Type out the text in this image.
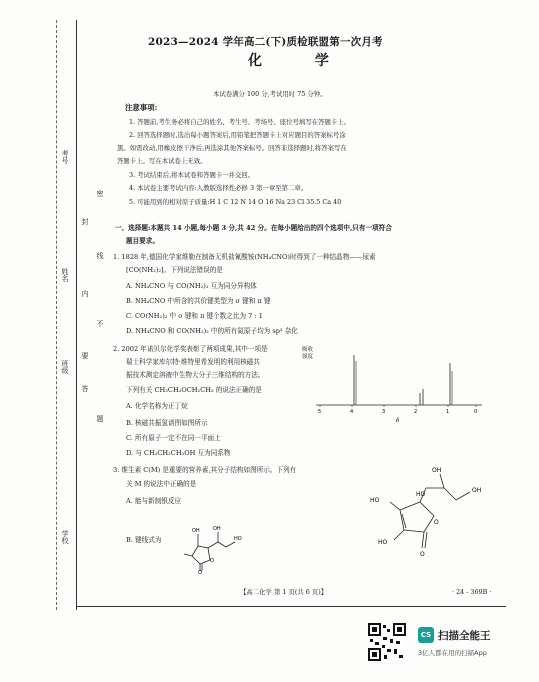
考号
姓名
班级
学校
密
封
线
内
不
要
答
题
2023—2024 学年高二(下)质检联盟第一次月考
化 学
本试卷满分 100 分,考试用时 75 分钟。
注意事项:
1. 答题前,考生务必将自己的姓名、考生号、考场号、座位号填写在答题卡上。
2. 回答选择题时,选出每小题答案后,用铅笔把答题卡上对应题目的答案标号涂
黑。如需改动,用橡皮擦干净后,再选涂其他答案标号。回答非选择题时,将答案写在
答题卡上。写在本试卷上无效。
3. 考试结束后,将本试卷和答题卡一并交回。
4. 本试卷主要考试内容:人教版选择性必修 3 第一章至第二章。
5. 可能用到的相对原子质量:H 1 C 12 N 14 O 16 Na 23 Cl 35.5 Ca 40
一、选择题:本题共 14 小题,每小题 3 分,共 42 分。在每小题给出的四个选项中,只有一项符合
题目要求。
1. 1828 年,德国化学家维勒在制备无机盐氰酸铵(NH₄CNO)时得到了一种结晶物——尿素
[CO(NH₂)₂]。下列说法错误的是
A. NH₄CNO 与 CO(NH₂)₂ 互为同分异构体
B. NH₄CNO 中所含的共价键类型为 σ 键和 π 键
C. CO(NH₂)₂ 中 σ 键和 π 键个数之比为 7 : 1
D. NH₄CNO 和 CO(NH₂)₂ 中的所有氮原子均为 sp³ 杂化
2. 2002 年诺贝尔化学奖表彰了两项成果,其中一项是
瑞士科学家库尔特·维特里希发明的利用核磁共
振技术测定溶液中生物大分子三维结构的方法。
下列有关 CH₃CH₂OCH₂CH₃ 的说法正确的是
A. 化学名称为正丁烷
B. 核磁共振氢谱图如图所示
C. 所有原子一定不在同一平面上
D. 与 CH₃CH₂CH₂OH 互为同系物
5	4	3	2	1	0
δ
吸收强度
3. 维生素 C(M) 是重要的营养素,其分子结构如图所示。下列有
关 M 的说法中正确的是
A. 能与新制银反应
B. 键线式为
OH	OH
HO
O
O
OH
OH
HO
HO
HO
O
O
【高二化学 第 1 页(共 6 页)】	· 24 - 369B ·
CS 扫描全能王
3亿人都在用的扫描App
